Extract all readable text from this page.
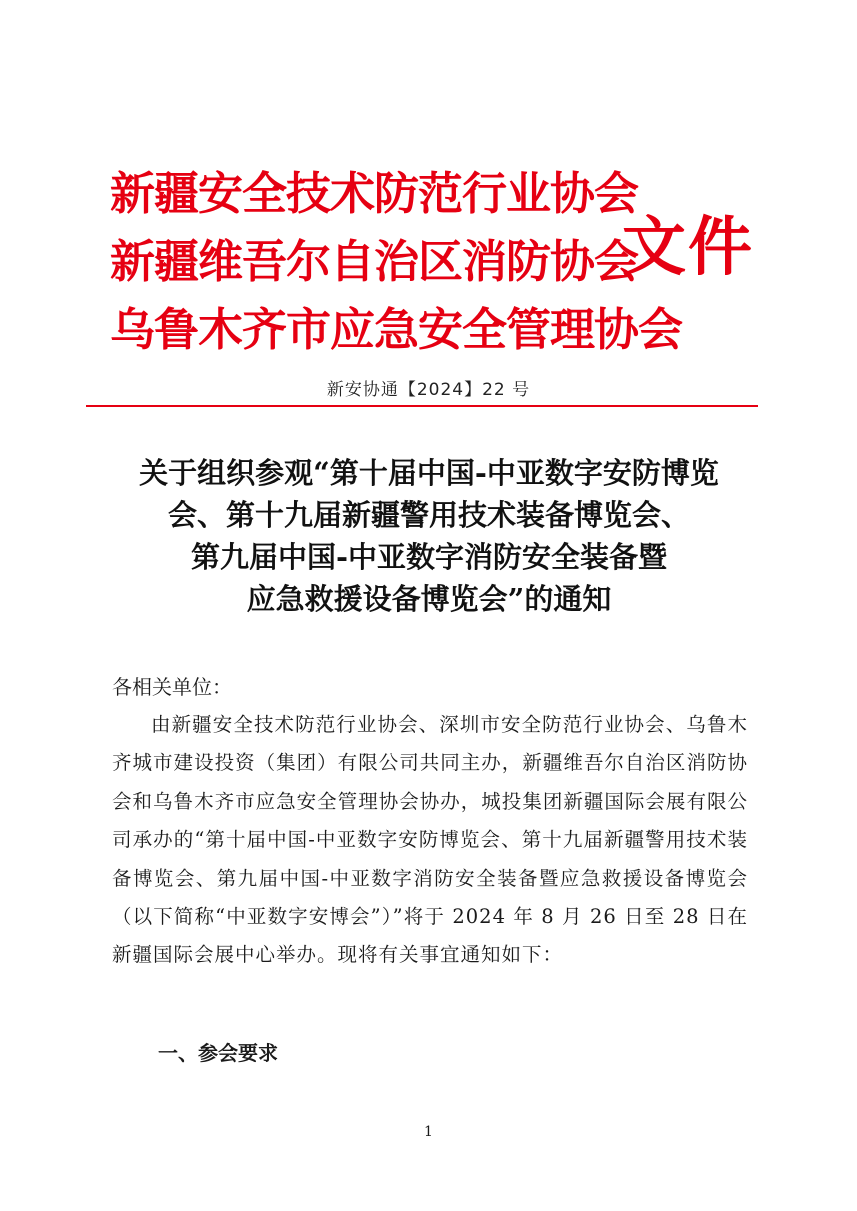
新疆安全技术防范行业协会
新疆维吾尔自治区消防协会
乌鲁木齐市应急安全管理协会
文件
新安协通【2024】22 号
关于组织参观“第十届中国-中亚数字安防博览
会、第十九届新疆警用技术装备博览会、
第九届中国-中亚数字消防安全装备暨
应急救援设备博览会”的通知
各相关单位：
由新疆安全技术防范行业协会、深圳市安全防范行业协会、乌鲁木齐城市建设投资（集团）有限公司共同主办，新疆维吾尔自治区消防协会和乌鲁木齐市应急安全管理协会协办，城投集团新疆国际会展有限公司承办的“第十届中国-中亚数字安防博览会、第十九届新疆警用技术装备博览会、第九届中国-中亚数字消防安全装备暨应急救援设备博览会（以下简称“中亚数字安博会”）”将于 2024 年 8 月 26 日至 28 日在新疆国际会展中心举办。现将有关事宜通知如下：
一、参会要求
1
